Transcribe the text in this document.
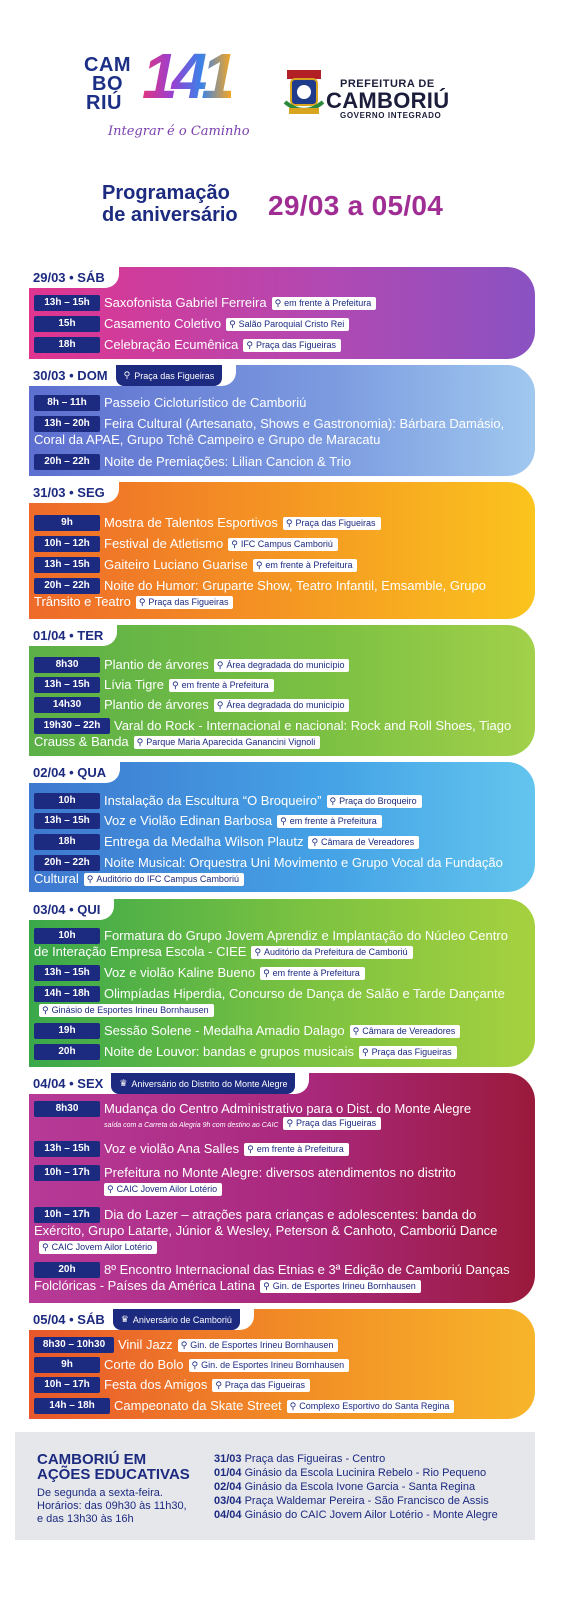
CAM
BO
RIÚ 141
Integrar é o Caminho
PREFEITURA DE
CAMBORIÚ
GOVERNO INTEGRADO
Programação
de aniversário 29/03 a 05/04
29/03 • SÁB
13h – 15h	Saxofonista Gabriel Ferreira ⚲ em frente à Prefeitura
15h	Casamento Coletivo ⚲ Salão Paroquial Cristo Rei
18h	Celebração Ecumênica ⚲ Praça das Figueiras
30/03 • DOM ⚲ Praça das Figueiras
8h – 11h	Passeio Cicloturístico de Camboriú
13h – 20h	Feira Cultural (Artesanato, Shows e Gastronomia): Bárbara Damásio, Coral da APAE, Grupo Tchê Campeiro e Grupo de Maracatu
20h – 22h	Noite de Premiações: Lilian Cancion & Trio
31/03 • SEG
9h	Mostra de Talentos Esportivos ⚲ Praça das Figueiras
10h – 12h	Festival de Atletismo ⚲ IFC Campus Camboriú
13h – 15h	Gaiteiro Luciano Guarise ⚲ em frente à Prefeitura
20h – 22h	Noite do Humor: Gruparte Show, Teatro Infantil, Emsamble, Grupo Trânsito e Teatro ⚲ Praça das Figueiras
01/04 • TER
8h30	Plantio de árvores ⚲ Área degradada do município
13h – 15h	Lívia Tigre ⚲ em frente à Prefeitura
14h30	Plantio de árvores ⚲ Área degradada do município
19h30 – 22h	Varal do Rock - Internacional e nacional: Rock and Roll Shoes, Tiago Crauss & Banda ⚲ Parque Maria Aparecida Ganancini Vignoli
02/04 • QUA
10h	Instalação da Escultura “O Broqueiro” ⚲ Praça do Broqueiro
13h – 15h	Voz e Violão Edinan Barbosa ⚲ em frente à Prefeitura
18h	Entrega da Medalha Wilson Plautz ⚲ Câmara de Vereadores
20h – 22h	Noite Musical: Orquestra Uni Movimento e Grupo Vocal da Fundação Cultural ⚲ Auditório do IFC Campus Camboriú
03/04 • QUI
10h	Formatura do Grupo Jovem Aprendiz e Implantação do Núcleo Centro de Interação Empresa Escola - CIEE ⚲ Auditório da Prefeitura de Camboriú
13h – 15h	Voz e violão Kaline Bueno ⚲ em frente à Prefeitura
14h – 18h	Olimpíadas Hiperdia, Concurso de Dança de Salão e Tarde Dançante
⚲ Ginásio de Esportes Irineu Bornhausen
19h	Sessão Solene - Medalha Amadio Dalago ⚲ Câmara de Vereadores
20h	Noite de Louvor: bandas e grupos musicais ⚲ Praça das Figueiras
04/04 • SEX ♛ Aniversário do Distrito do Monte Alegre
8h30	Mudança do Centro Administrativo para o Dist. do Monte Alegre
saída com a Carreta da Alegria 9h com destino ao CAIC ⚲ Praça das Figueiras
13h – 15h	Voz e violão Ana Salles ⚲ em frente à Prefeitura
10h – 17h	Prefeitura no Monte Alegre: diversos atendimentos no distrito
⚲ CAIC Jovem Ailor Lotério
10h – 17h	Dia do Lazer – atrações para crianças e adolescentes: banda do Exército, Grupo Latarte, Júnior & Wesley, Peterson & Canhoto, Camboriú Dance
⚲ CAIC Jovem Ailor Lotério
20h	8º Encontro Internacional das Etnias e 3ª Edição de Camboriú Danças Folclóricas - Países da América Latina ⚲ Gin. de Esportes Irineu Bornhausen
05/04 • SÁB ♛ Aniversário de Camboriú
8h30 – 10h30 Vinil Jazz ⚲ Gin. de Esportes Irineu Bornhausen
9h	Corte do Bolo ⚲ Gin. de Esportes Irineu Bornhausen
10h – 17h	Festa dos Amigos ⚲ Praça das Figueiras
14h – 18h	Campeonato da Skate Street ⚲ Complexo Esportivo do Santa Regina
CAMBORIÚ EM
AÇÕES EDUCATIVAS
De segunda a sexta-feira.
Horários: das 09h30 às 11h30,
e das 13h30 às 16h
31/03 Praça das Figueiras - Centro
01/04 Ginásio da Escola Lucinira Rebelo - Rio Pequeno
02/04 Ginásio da Escola Ivone Garcia - Santa Regina
03/04 Praça Waldemar Pereira - São Francisco de Assis
04/04 Ginásio do CAIC Jovem Ailor Lotério - Monte Alegre
